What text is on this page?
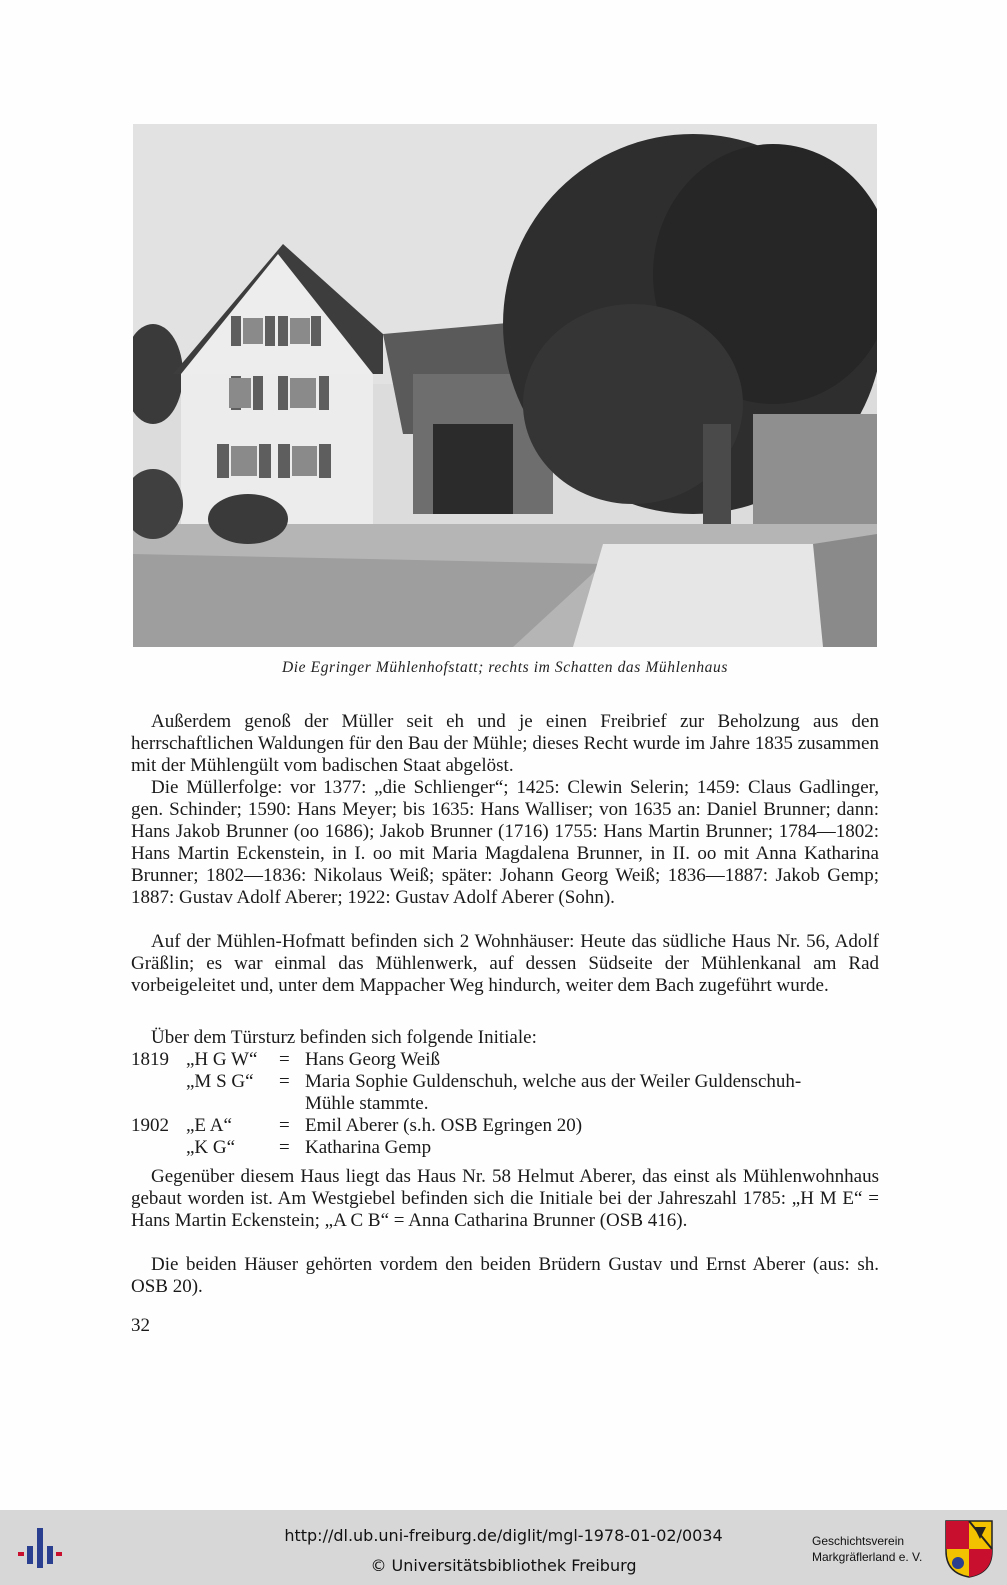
Die Egringer Mühlenhofstatt; rechts im Schatten das Mühlenhaus

Außerdem genoß der Müller seit eh und je einen Freibrief zur Beholzung aus den herrschaftlichen Waldungen für den Bau der Mühle; dieses Recht wurde im Jahre 1835 zusammen mit der Mühlengült vom badischen Staat abgelöst.

Die Müllerfolge: vor 1377: „die Schlienger“; 1425: Clewin Selerin; 1459: Claus Gadlinger, gen. Schinder; 1590: Hans Meyer; bis 1635: Hans Walliser; von 1635 an: Daniel Brunner; dann: Hans Jakob Brunner (oo 1686); Jakob Brunner (1716) 1755: Hans Martin Brunner; 1784—1802: Hans Martin Eckenstein, in I. oo mit Maria Magdalena Brunner, in II. oo mit Anna Katharina Brunner; 1802—1836: Nikolaus Weiß; später: Johann Georg Weiß; 1836—1887: Jakob Gemp; 1887: Gustav Adolf Aberer; 1922: Gustav Adolf Aberer (Sohn).

Auf der Mühlen-Hofmatt befinden sich 2 Wohnhäuser: Heute das südliche Haus Nr. 56, Adolf Gräßlin; es war einmal das Mühlenwerk, auf dessen Südseite der Mühlenkanal am Rad vorbeigeleitet und, unter dem Mappacher Weg hindurch, weiter dem Bach zugeführt wurde.

Über dem Türsturz befinden sich folgende Initiale:

1819 „H G W“ = Hans Georg Weiß
„M S G“ = Maria Sophie Guldenschuh, welche aus der Weiler Guldenschuh-
Mühle stammte.
1902 „E A“ = Emil Aberer (s.h. OSB Egringen 20)
„K G“ = Katharina Gemp

Gegenüber diesem Haus liegt das Haus Nr. 58 Helmut Aberer, das einst als Mühlenwohnhaus gebaut worden ist. Am Westgiebel befinden sich die Initiale bei der Jahreszahl 1785: „H M E“ = Hans Martin Eckenstein; „A C B“ = Anna Catharina Brunner (OSB 416).

Die beiden Häuser gehörten vordem den beiden Brüdern Gustav und Ernst Aberer (aus: sh. OSB 20).

32
http://dl.ub.uni-freiburg.de/diglit/mgl-1978-01-02/0034
© Universitätsbibliothek Freiburg
Geschichtsverein
Markgräflerland e. V.
